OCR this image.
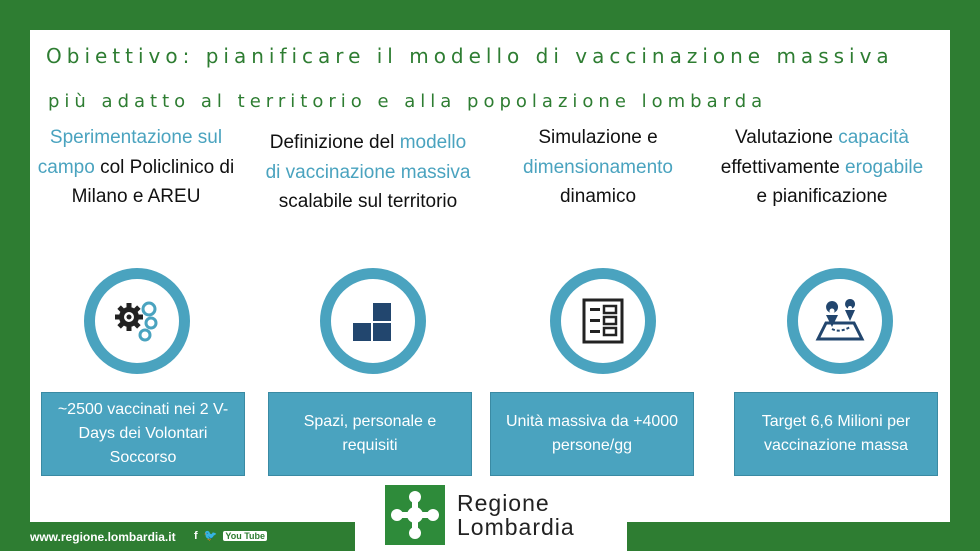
Obiettivo: pianificare il modello di vaccinazione massiva
più adatto al territorio e alla popolazione lombarda
Sperimentazione sul campo col Policlinico di Milano e AREU
~2500 vaccinati nei 2 V-Days dei Volontari Soccorso
Definizione del modello di vaccinazione massiva scalabile sul territorio
Spazi, personale e requisiti
Simulazione e dimensionamento dinamico
Unità massiva da +4000 persone/gg
Valutazione capacità effettivamente erogabile e pianificazione
Target 6,6 Milioni per vaccinazione massa
Regione
Lombardia
www.regione.lombardia.it f 🐦 You Tube
